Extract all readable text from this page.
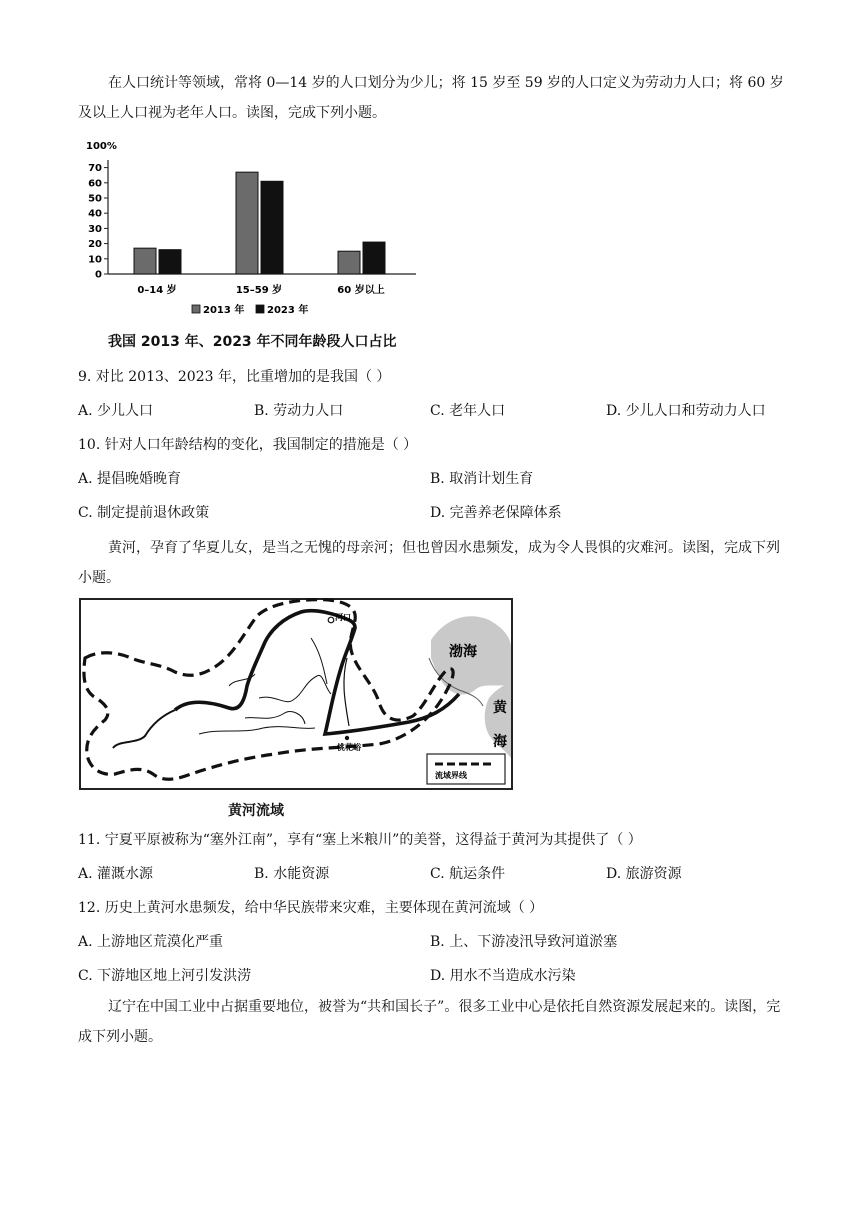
在人口统计等领域，常将 0—14 岁的人口划分为少儿；将 15 岁至 59 岁的人口定义为劳动力人口；将 60 岁及以上人口视为老年人口。读图，完成下列小题。
100%
0
10
20
30
40
50
60
70
0–14 岁	15–59 岁	60 岁以上
2013 年 2023 年
我国 2013 年、2023 年不同年龄段人口占比
9. 对比 2013、2023 年，比重增加的是我国（ ）
A. 少儿人口	B. 劳动力人口	C. 老年人口	D. 少儿人口和劳动力人口
10. 针对人口年龄结构的变化，我国制定的措施是（ ）
A. 提倡晚婚晚育	B. 取消计划生育
C. 制定提前退休政策	D. 完善养老保障体系
黄河，孕育了华夏儿女，是当之无愧的母亲河；但也曾因水患频发，成为令人畏惧的灾难河。读图，完成下列小题。
河口
桃花峪
渤海
黄
海
流域界线
黄河流域
11. 宁夏平原被称为“塞外江南”，享有“塞上米粮川”的美誉，这得益于黄河为其提供了（ ）
A. 灌溉水源	B. 水能资源	C. 航运条件	D. 旅游资源
12. 历史上黄河水患频发，给中华民族带来灾难，主要体现在黄河流域（ ）
A. 上游地区荒漠化严重	B. 上、下游凌汛导致河道淤塞
C. 下游地区地上河引发洪涝	D. 用水不当造成水污染
辽宁在中国工业中占据重要地位，被誉为“共和国长子”。很多工业中心是依托自然资源发展起来的。读图，完成下列小题。
